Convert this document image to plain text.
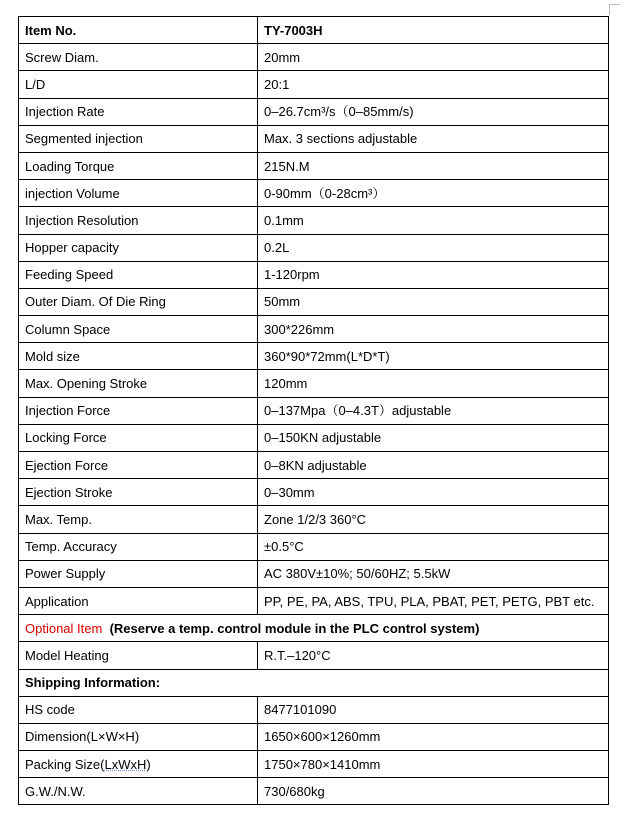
Item No.	TY-7003H
Screw Diam.	20mm
L/D	20:1
Injection Rate	0–26.7cm³/s（0–85mm/s)
Segmented injection	Max. 3 sections adjustable
Loading Torque	215N.M
injection Volume	0-90mm（0-28cm³）
Injection Resolution	0.1mm
Hopper capacity	0.2L
Feeding Speed	1-120rpm
Outer Diam. Of Die Ring	50mm
Column Space	300*226mm
Mold size	360*90*72mm(L*D*T)
Max. Opening Stroke	120mm
Injection Force	0–137Mpa（0–4.3T）adjustable
Locking Force	0–150KN adjustable
Ejection Force	0–8KN adjustable
Ejection Stroke	0–30mm
Max. Temp.	Zone 1/2/3 360°C
Temp. Accuracy	±0.5°C
Power Supply	AC 380V±10%; 50/60HZ; 5.5kW
Application	PP, PE, PA, ABS, TPU, PLA, PBAT, PET, PETG, PBT etc.
Optional Item (Reserve a temp. control module in the PLC control system)	
Model Heating	R.T.–120°C
Shipping Information:	
HS code	8477101090
Dimension(L×W×H)	1650×600×1260mm
Packing Size(LxWxH)	1750×780×1410mm
G.W./N.W.	730/680kg
